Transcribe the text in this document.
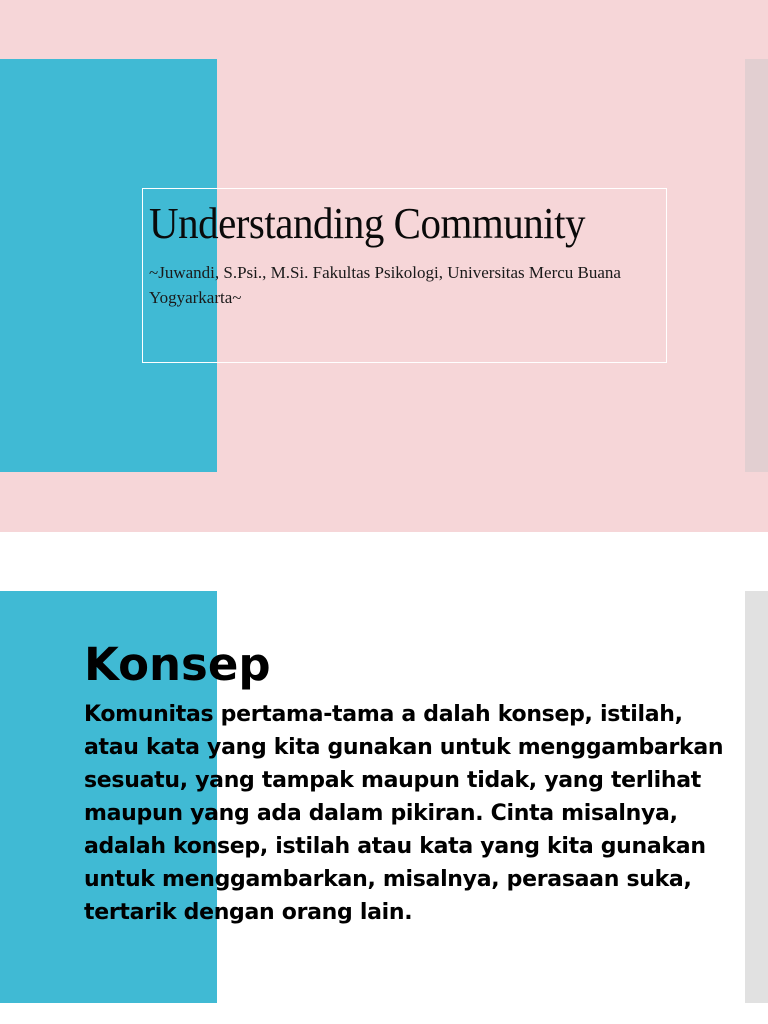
Understanding Community

~Juwandi, S.Psi., M.Si. Fakultas Psikologi, Universitas Mercu Buana Yogyarkarta~

Konsep

Komunitas pertama-tama a dalah konsep, istilah, atau kata yang kita gunakan untuk menggambarkan sesuatu, yang tampak maupun tidak, yang terlihat maupun yang ada dalam pikiran. Cinta misalnya, adalah konsep, istilah atau kata yang kita gunakan untuk menggambarkan, misalnya, perasaan suka, tertarik dengan orang lain.
